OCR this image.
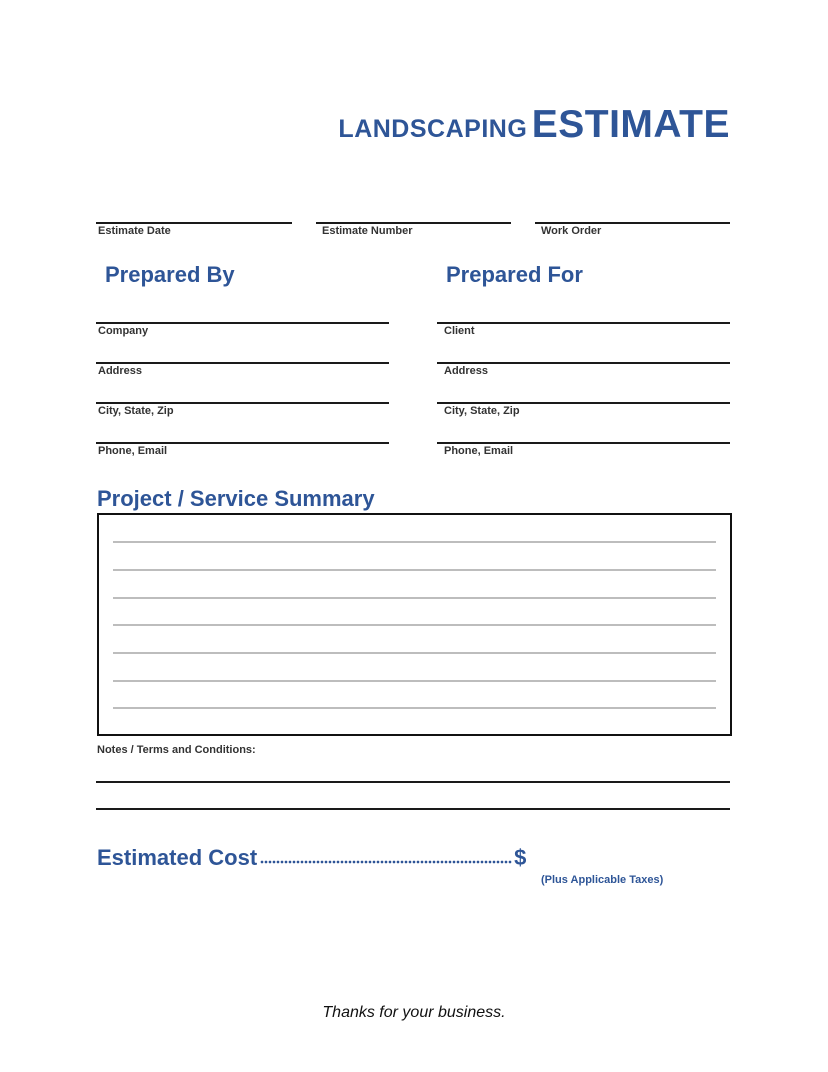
LANDSCAPING ESTIMATE
Estimate Date	Estimate Number	Work Order
Prepared By
Company
Address
City, State, Zip
Phone, Email
Prepared For
Client
Address
City, State, Zip
Phone, Email
Project / Service Summary
Notes / Terms and Conditions:
Estimated Cost	$
(Plus Applicable Taxes)
Thanks for your business.
